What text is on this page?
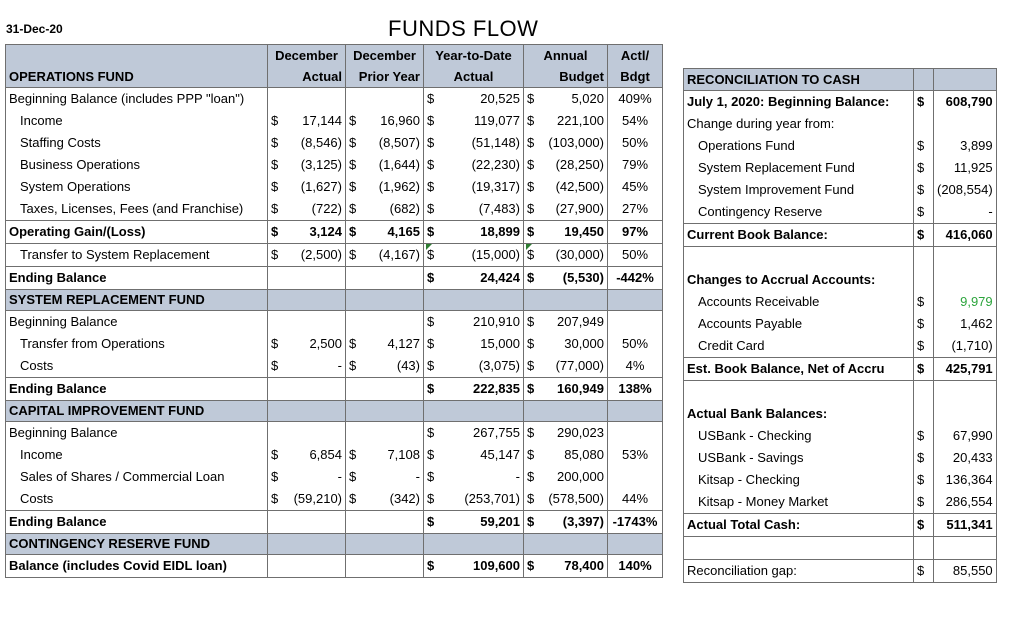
31-Dec-20	FUNDS FLOW
	December	December	Year-to-Date	Annual	Actl/
OPERATIONS FUND	Actual	Prior Year	Actual	Budget	Bdgt
Beginning Balance (includes PPP "loan")			$ 20,525	$ 5,020	409%
Income	$ 17,144	$ 16,960	$ 119,077	$ 221,100	54%
Staffing Costs	$ (8,546)	$ (8,507)	$ (51,148)	$ (103,000)	50%
Business Operations	$ (3,125)	$ (1,644)	$ (22,230)	$ (28,250)	79%
System Operations	$ (1,627)	$ (1,962)	$ (19,317)	$ (42,500)	45%
Taxes, Licenses, Fees (and Franchise)	$ (722)	$ (682)	$ (7,483)	$ (27,900)	27%
Operating Gain/(Loss)	$ 3,124	$ 4,165	$ 18,899	$ 19,450	97%
Transfer to System Replacement	$ (2,500)	$ (4,167)	$ (15,000)	$ (30,000)	50%
Ending Balance			$ 24,424	$ (5,530)	-442%
SYSTEM REPLACEMENT FUND					
Beginning Balance			$ 210,910	$ 207,949	

Transfer from Operations	$ 2,500	$ 4,127	$ 15,000	$ 30,000	50%
Costs	$ -	$ (43)	$ (3,075)	$ (77,000)	4%
Ending Balance			$ 222,835	$ 160,949	138%
CAPITAL IMPROVEMENT FUND					
Beginning Balance			$ 267,755	$ 290,023	

Income	$ 6,854	$ 7,108	$ 45,147	$ 85,080	53%
Sales of Shares / Commercial Loan	$ -	$ -	$ -	$ 200,000	

Costs	$ (59,210)	$ (342)	$ (253,701)	$ (578,500)	44%
Ending Balance			$ 59,201	$ (3,397)	-1743%
CONTINGENCY RESERVE FUND					
Balance (includes Covid EIDL loan)			$ 109,600	$ 78,400	140%
RECONCILIATION TO CASH		
July 1, 2020: Beginning Balance:	$	608,790
Change during year from:		
Operations Fund	$	3,899
System Replacement Fund	$	11,925
System Improvement Fund	$	(208,554)
Contingency Reserve	$	-
Current Book Balance:	$	416,060

Changes to Accrual Accounts:		
Accounts Receivable	$	9,979
Accounts Payable	$	1,462
Credit Card	$	(1,710)
Est. Book Balance, Net of Accru	$	425,791

Actual Bank Balances:		
USBank - Checking	$	67,990
USBank - Savings	$	20,433
Kitsap - Checking	$	136,364
Kitsap - Money Market	$	286,554
Actual Total Cash:	$	511,341

Reconciliation gap:	$	85,550
